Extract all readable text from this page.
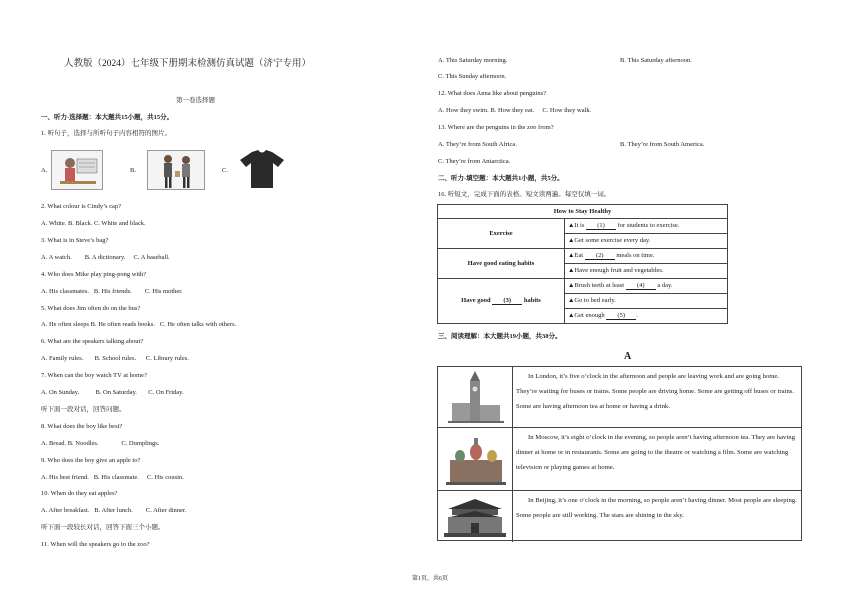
人教版（2024）七年级下册期末检测仿真试题（济宁专用）
第一卷选择题
一、听力-选择题：本大题共15小题，共15分。
1. 听句子，选择与所听句子内容相符的图片。
A.	B.	C.
2. What colour is Cindy’s cap?
A. White. B. Black. C. White and black.
3. What is in Steve’s bag?
A. A watch.        B. A dictionary.     C. A baseball.
4. Who does Mike play ping-pong with?
A. His classmates.   B. His friends.        C. His mother.
5. What does Jim often do on the bus?
A. He often sleeps B. He often reads books.   C. He often talks with others.
6. What are the speakers talking about?
A. Family rules.       B. School rules.      C. Library rules.
7. When can the boy watch TV at home?
A. On Sunday.          B. On Saturday.       C. On Friday.
听下面一段对话，回答问题。
8. What does the boy like best?
A. Bread. B. Noodles.              C. Dumplings.
9. Who does the boy give an apple to?
A. His best friend.   B. His classmate.     C. His cousin.
10. When do they eat apples?
A. After breakfast.   B. After lunch.        C. After dinner.
听下面一段较长对话，回答下面三个小题。
11. When will the speakers go to the zoo?
A. This Saturday morning.	B. This Saturday afternoon.
C. This Sunday afternoon.
12. What does Anna like about penguins?
A. How they swim. B. How they eat.     C. How they walk.
13. Where are the penguins in the zoo from?
A. They’re from South Africa.	B. They’re from South America.
C. They’re from Antarctica.
二、听力-填空题：本大题共1小题，共5分。
16. 听短文，完成下面的表格。短文读两遍。每空仅填一词。
How to Stay Healthy	
Exercise	▲It is (1) for students to exercise.
	▲Get some exercise every day.
Have good eating habits	▲Eat (2) meals on time.
	▲Have enough fruit and vegetables.
Have good (3) habits	▲Brush teeth at least (4) a day.
	▲Go to bed early.
	▲Get enough (5) .
三、阅读理解：本大题共19小题，共38分。
A
In London, it’s five o’clock in the afternoon and people are leaving work and are going home. They’re waiting for buses or trains. Some people are driving home. Some are getting off buses or trains. Some are having afternoon tea at home or having a drink.
In Moscow, it’s eight o’clock in the evening, so people aren’t having afternoon tea. They are having dinner at home or in restaurants. Some are going to the theatre or watching a film. Some are watching television or playing games at home.
In Beijing, it’s one o’clock in the morning, so people aren’t having dinner. Most people are sleeping. Some people are still working. The stars are shining in the sky.
第1页，共6页
